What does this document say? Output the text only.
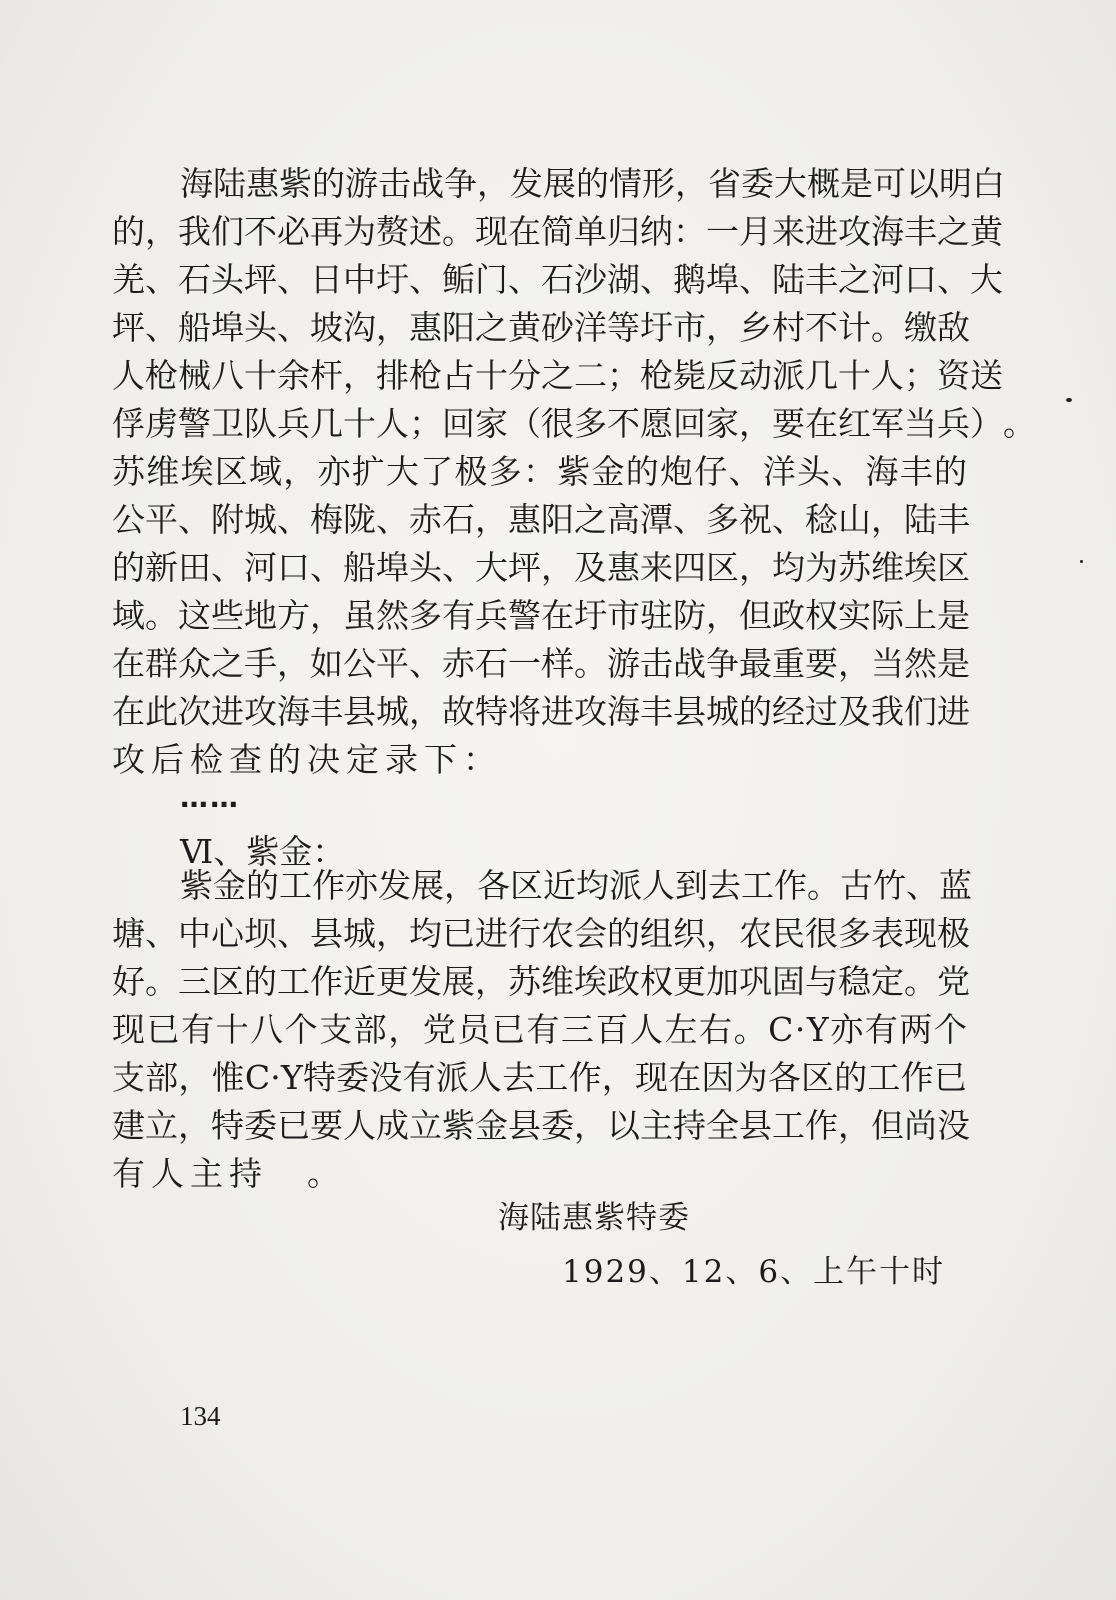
海 陆 惠 紫 的 游 击 战 争 ， 发 展 的 情 形 ， 省 委 大 概 是 可 以 明 白
的 ， 我 们 不 必 再 为 赘 述 。 现 在 简 单 归 纳 ： 一 月 来 进 攻 海 丰 之 黄
羌 、 石 头 坪 、 日 中 圩 、 鲘 门 、 石 沙 湖 、 鹅 埠 、 陆 丰 之 河 口 、 大
坪 、 船 埠 头 、 坡 沟 ， 惠 阳 之 黄 砂 洋 等 圩 市 ， 乡 村 不 计 。 缴 敌
人 枪 械 八 十 余 杆 ， 排 枪 占 十 分 之 二 ； 枪 毙 反 动 派 几 十 人 ； 资 送
俘 虏 警 卫 队 兵 几 十 人 ； 回 家 （ 很 多 不 愿 回 家 ， 要 在 红 军 当 兵 ） 。
苏 维 埃 区 域 ， 亦 扩 大 了 极 多 ： 紫 金 的 炮 仔 、 洋 头 、 海 丰 的
公 平 、 附 城 、 梅 陇 、 赤 石 ， 惠 阳 之 高 潭 、 多 祝 、 稔 山 ， 陆 丰
的 新 田 、 河 口 、 船 埠 头 、 大 坪 ， 及 惠 来 四 区 ， 均 为 苏 维 埃 区
域 。 这 些 地 方 ， 虽 然 多 有 兵 警 在 圩 市 驻 防 ， 但 政 权 实 际 上 是
在 群 众 之 手 ， 如 公 平 、 赤 石 一 样 。 游 击 战 争 最 重 要 ， 当 然 是
在 此 次 进 攻 海 丰 县 城 ， 故 特 将 进 攻 海 丰 县 城 的 经 过 及 我 们 进
攻 后 检 查 的 决 定 录 下 ：
……
Ⅵ、紫金：
紫 金 的 工 作 亦 发 展 ， 各 区 近 均 派 人 到 去 工 作 。 古 竹 、 蓝
塘 、 中 心 坝 、 县 城 ， 均 已 进 行 农 会 的 组 织 ， 农 民 很 多 表 现 极
好 。 三 区 的 工 作 近 更 发 展 ， 苏 维 埃 政 权 更 加 巩 固 与 稳 定 。 党
现 已 有 十 八 个 支 部 ， 党 员 已 有 三 百 人 左 右 。 C · Y 亦 有 两 个
支 部 ， 惟 C · Y 特 委 没 有 派 人 去 工 作 ， 现 在 因 为 各 区 的 工 作 已
建 立 ， 特 委 已 要 人 成 立 紫 金 县 委 ， 以 主 持 全 县 工 作 ， 但 尚 没
有 人 主 持
　 。
海陆惠紫特委
1929、12、6、上午十时
134
